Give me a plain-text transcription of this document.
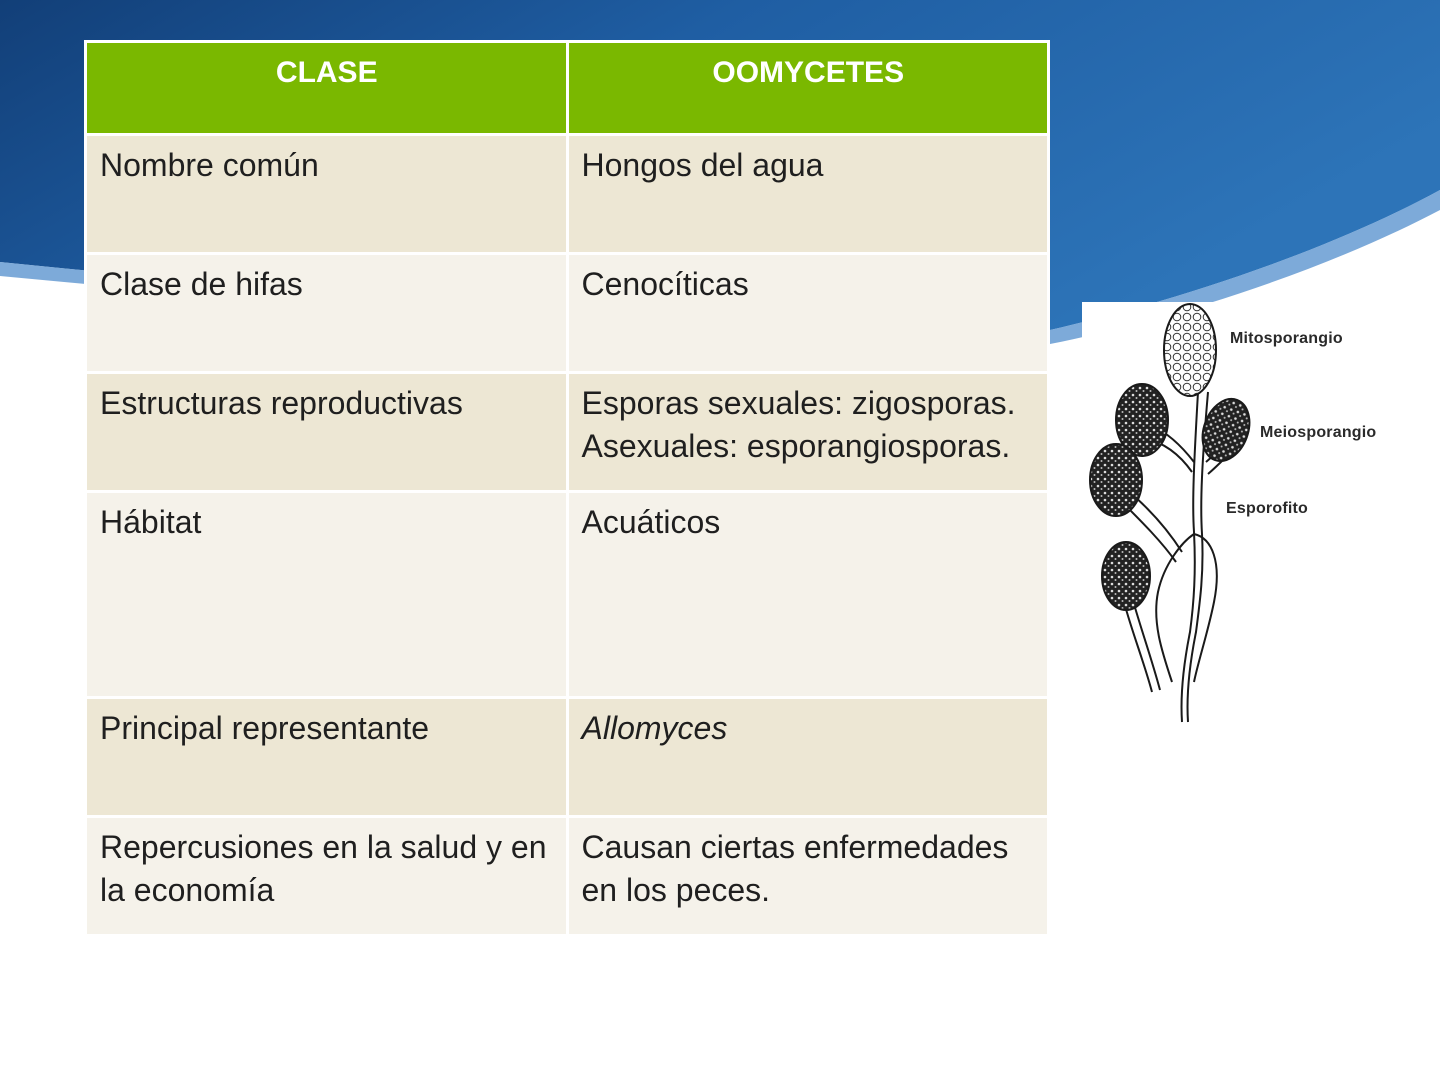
CLASE	OOMYCETES
Nombre común	Hongos del agua
Clase de hifas	Cenocíticas
Estructuras reproductivas	Esporas sexuales: zigosporas. Asexuales: esporangiosporas.
Hábitat	Acuáticos
Principal representante	Allomyces
Repercusiones en la salud y en la economía	Causan ciertas enfermedades en los peces.
Mitosporangio
Meiosporangio
Esporofito
